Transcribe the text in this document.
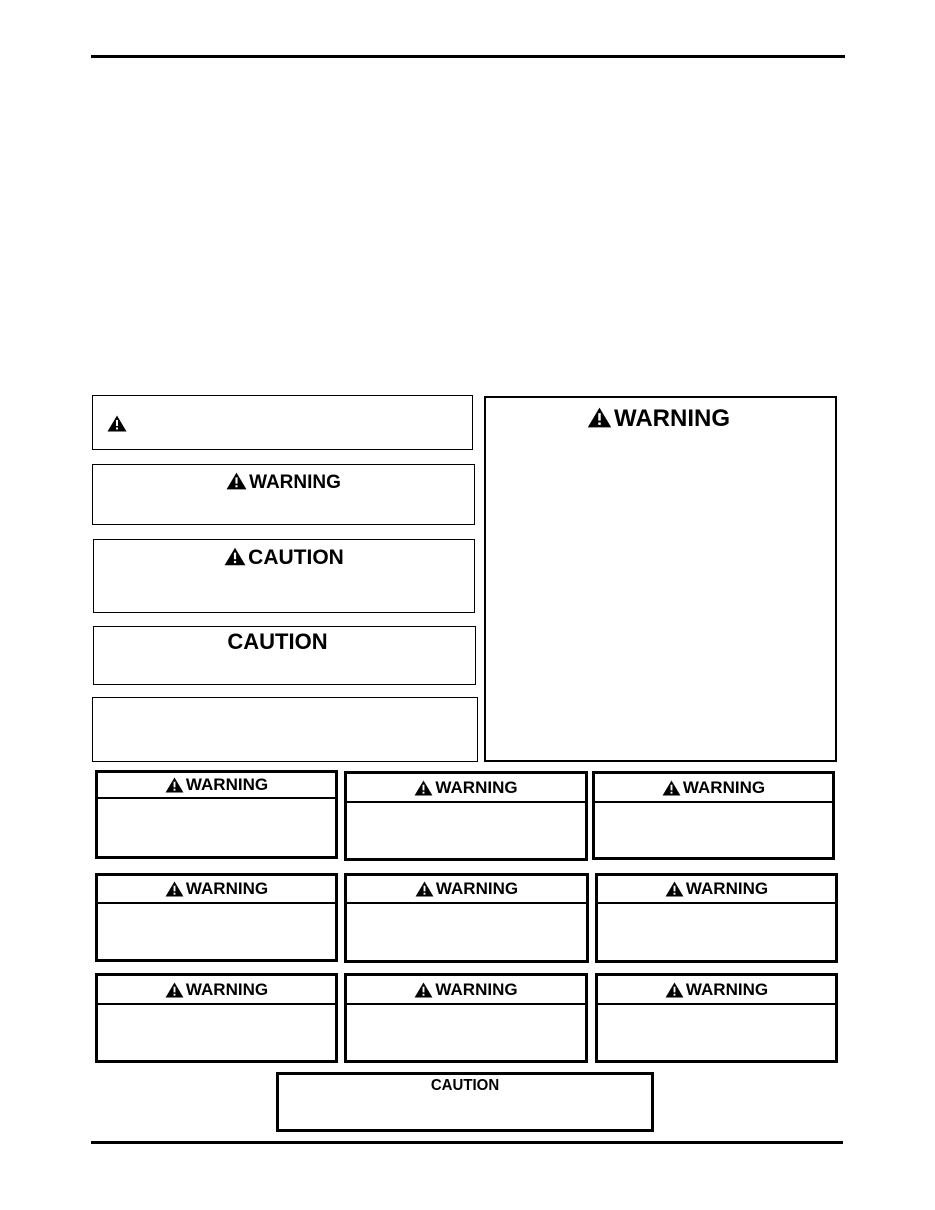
WARNING
CAUTION
CAUTION
WARNING
WARNING	WARNING	WARNING
WARNING	WARNING	WARNING
WARNING	WARNING	WARNING
CAUTION
